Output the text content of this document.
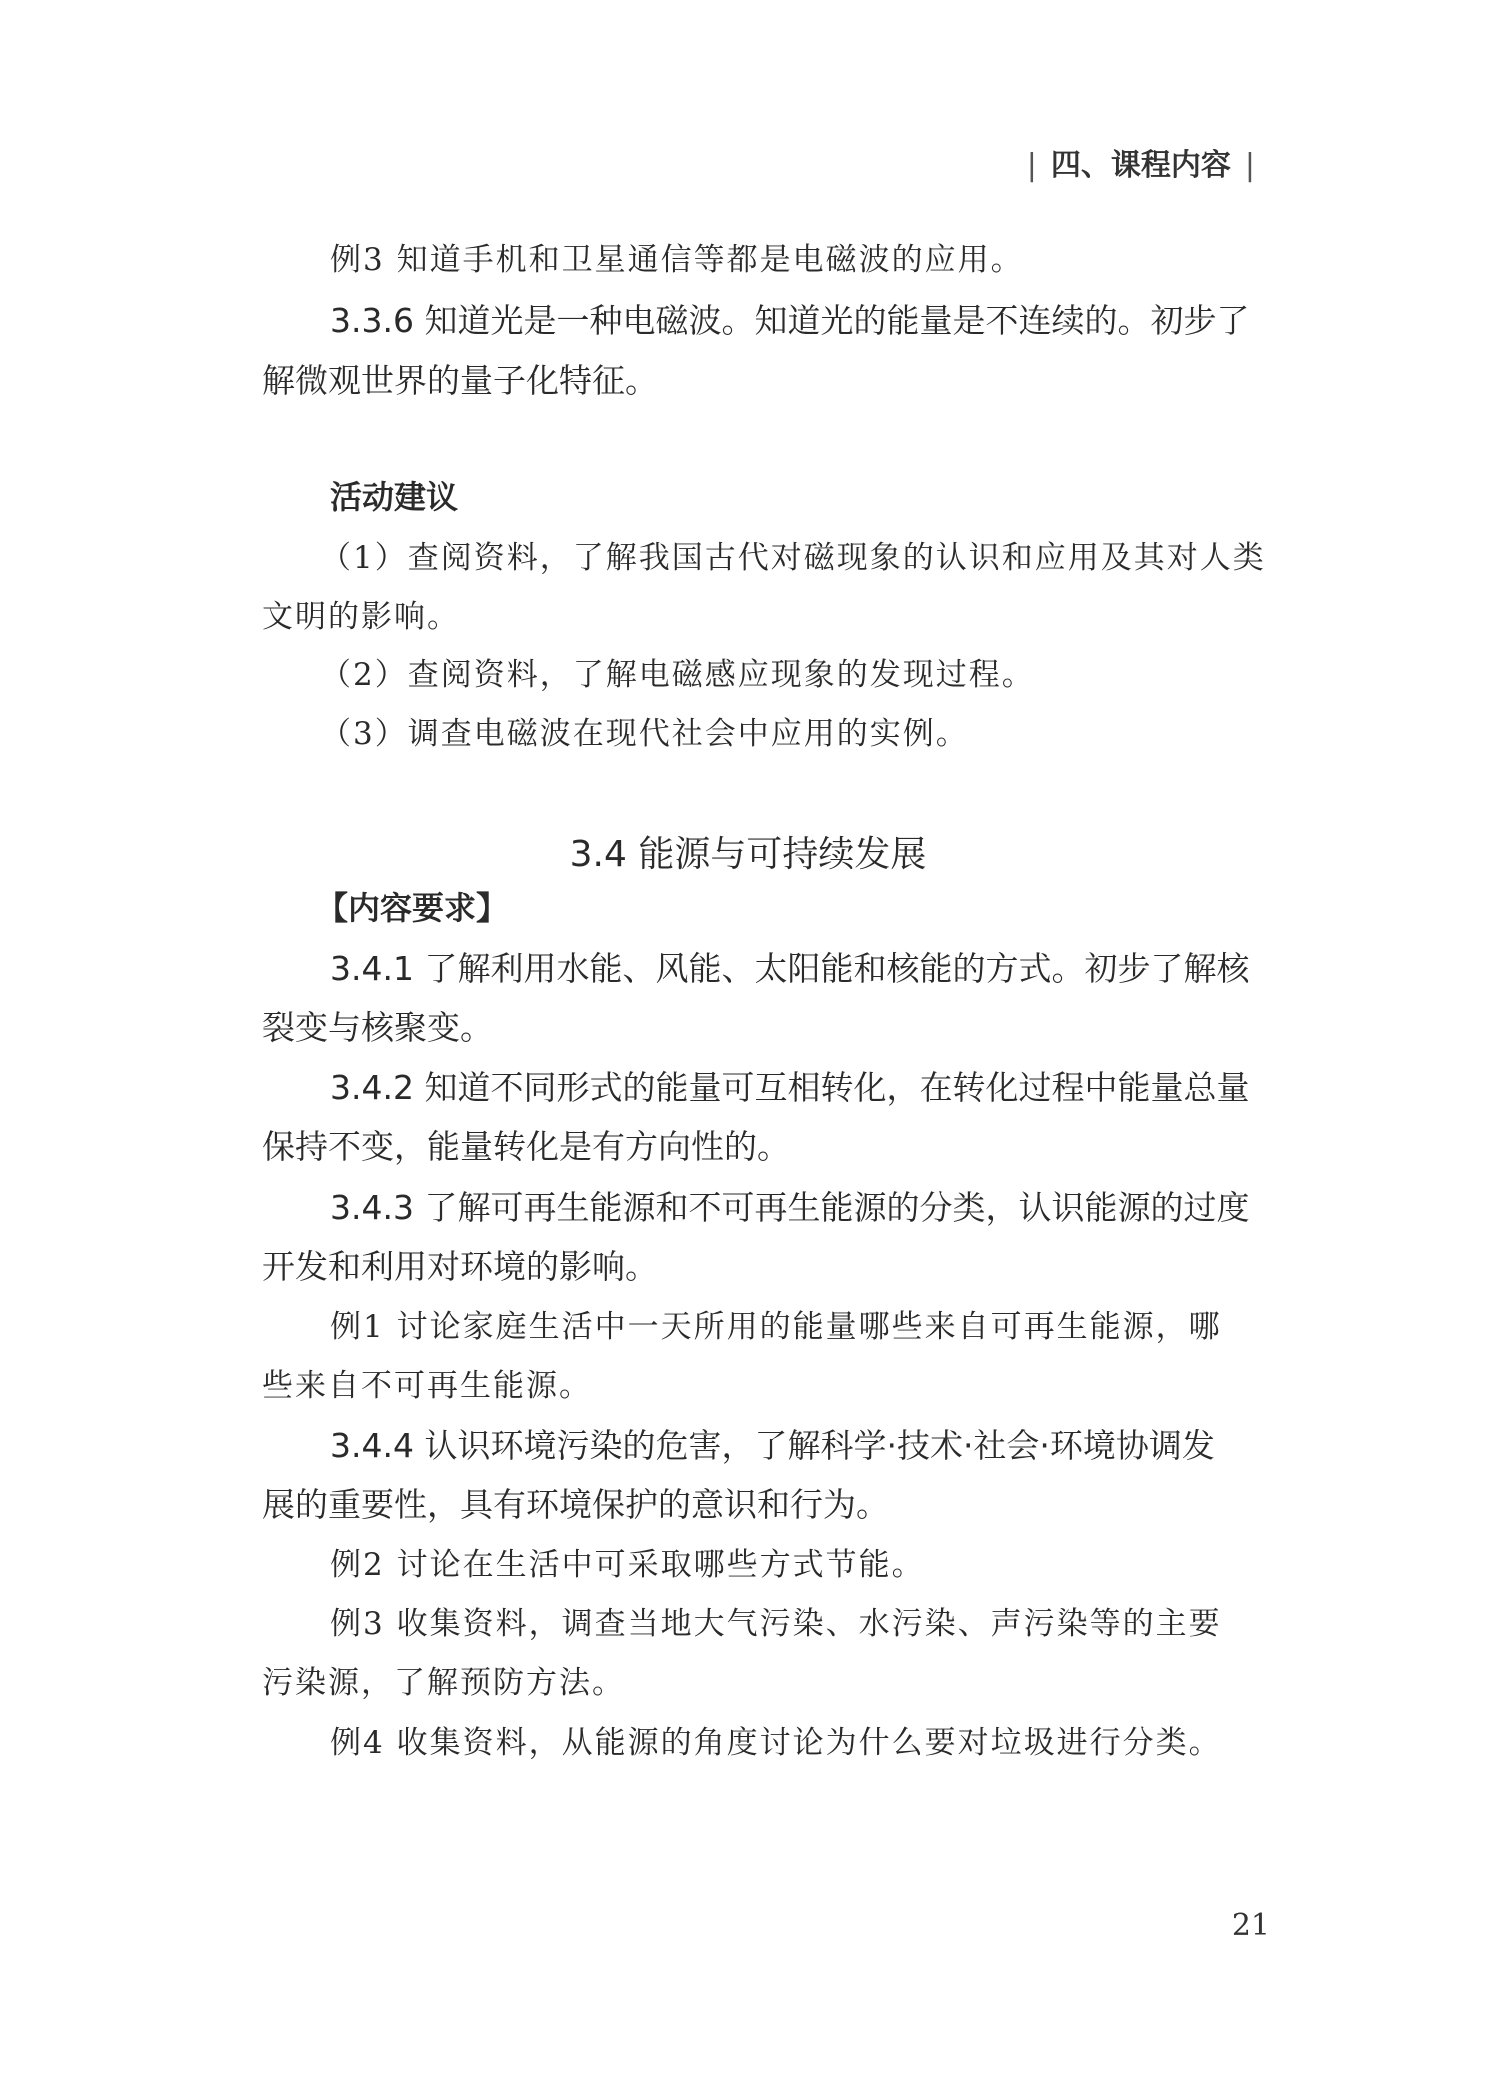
| 四、课程内容 |
例3 知道手机和卫星通信等都是电磁波的应用。
3.3.6 知道光是一种电磁波。知道光的能量是不连续的。初步了
解微观世界的量子化特征。
活动建议
（1）查阅资料，了解我国古代对磁现象的认识和应用及其对人类
文明的影响。
（2）查阅资料，了解电磁感应现象的发现过程。
（3）调查电磁波在现代社会中应用的实例。
3.4 能源与可持续发展
【内容要求】
3.4.1 了解利用水能、风能、太阳能和核能的方式。初步了解核
裂变与核聚变。
3.4.2 知道不同形式的能量可互相转化，在转化过程中能量总量
保持不变，能量转化是有方向性的。
3.4.3 了解可再生能源和不可再生能源的分类，认识能源的过度
开发和利用对环境的影响。
例1 讨论家庭生活中一天所用的能量哪些来自可再生能源，哪
些来自不可再生能源。
3.4.4 认识环境污染的危害，了解科学·技术·社会·环境协调发
展的重要性，具有环境保护的意识和行为。
例2 讨论在生活中可采取哪些方式节能。
例3 收集资料，调查当地大气污染、水污染、声污染等的主要
污染源，了解预防方法。
例4 收集资料，从能源的角度讨论为什么要对垃圾进行分类。
21
